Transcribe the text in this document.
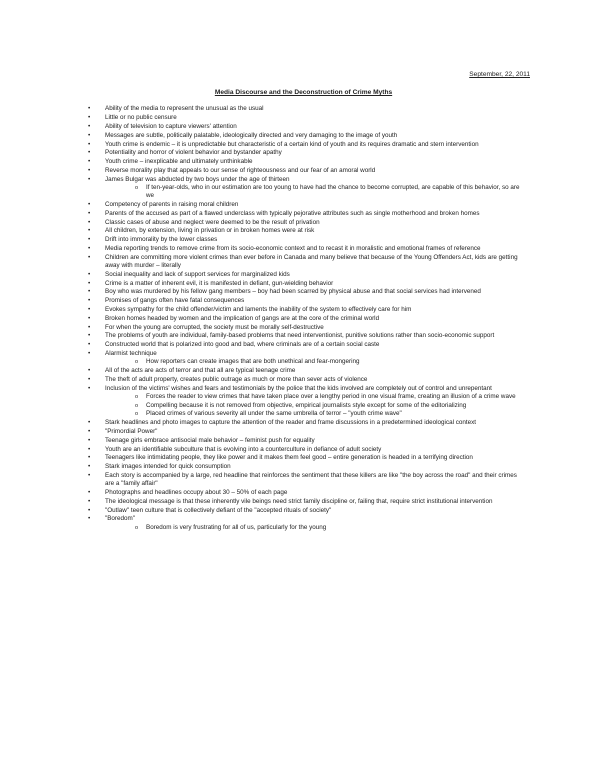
September, 22, 2011
Media Discourse and the Deconstruction of Crime Myths
• Ability of the media to represent the unusual as the usual
• Little or no public censure
• Ability of television to capture viewers' attention
• Messages are subtle, politically palatable, ideologically directed and very damaging to the image of youth
• Youth crime is endemic – it is unpredictable but characteristic of a certain kind of youth and its requires dramatic and stern intervention
• Potentiality and horror of violent behavior and bystander apathy
• Youth crime – inexplicable and ultimately unthinkable
• Reverse morality play that appeals to our sense of righteousness and our fear of an amoral world
• James Bulgar was abducted by two boys under the age of thirteen
o If ten-year-olds, who in our estimation are too young to have had the chance to become corrupted, are capable of this behavior, so are we
• Competency of parents in raising moral children
• Parents of the accused as part of a flawed underclass with typically pejorative attributes such as single motherhood and broken homes
• Classic cases of abuse and neglect were deemed to be the result of privation
• All children, by extension, living in privation or in broken homes were at risk
• Drift into immorality by the lower classes
• Media reporting trends to remove crime from its socio-economic context and to recast it in moralistic and emotional frames of reference
• Children are committing more violent crimes than ever before in Canada and many believe that because of the Young Offenders Act, kids are getting away with murder – literally
• Social inequality and lack of support services for marginalized kids
• Crime is a matter of inherent evil, it is manifested in defiant, gun-wielding behavior
• Boy who was murdered by his fellow gang members – boy had been scarred by physical abuse and that social services had intervened
• Promises of gangs often have fatal consequences
• Evokes sympathy for the child offender/victim and laments the inability of the system to effectively care for him
• Broken homes headed by women and the implication of gangs are at the core of the criminal world
• For when the young are corrupted, the society must be morally self-destructive
• The problems of youth are individual, family-based problems that need interventionist, punitive solutions rather than socio-economic support
• Constructed world that is polarized into good and bad, where criminals are of a certain social caste
• Alarmist technique
o How reporters can create images that are both unethical and fear-mongering
• All of the acts are acts of terror and that all are typical teenage crime
• The theft of adult property, creates public outrage as much or more than sever acts of violence
• Inclusion of the victims' wishes and fears and testimonials by the police that the kids involved are completely out of control and unrepentant
o Forces the reader to view crimes that have taken place over a lengthy period in one visual frame, creating an illusion of a crime wave
o Compelling because it is not removed from objective, empirical journalists style except for some of the editorializing
o Placed crimes of various severity all under the same umbrella of terror – "youth crime wave"
• Stark headlines and photo images to capture the attention of the reader and frame discussions in a predetermined ideological context
• "Primordial Power"
• Teenage girls embrace antisocial male behavior – feminist push for equality
• Youth are an identifiable subculture that is evolving into a counterculture in defiance of adult society
• Teenagers like intimidating people, they like power and it makes them feel good – entire generation is headed in a terrifying direction
• Stark images intended for quick consumption
• Each story is accompanied by a large, red headline that reinforces the sentiment that these killers are like "the boy across the road" and their crimes are a "family affair"
• Photographs and headlines occupy about 30 – 50% of each page
• The ideological message is that these inherently vile beings need strict family discipline or, failing that, require strict institutional intervention
• "Outlaw" teen culture that is collectively defiant of the "accepted rituals of society"
• "Boredom"
o Boredom is very frustrating for all of us, particularly for the young
